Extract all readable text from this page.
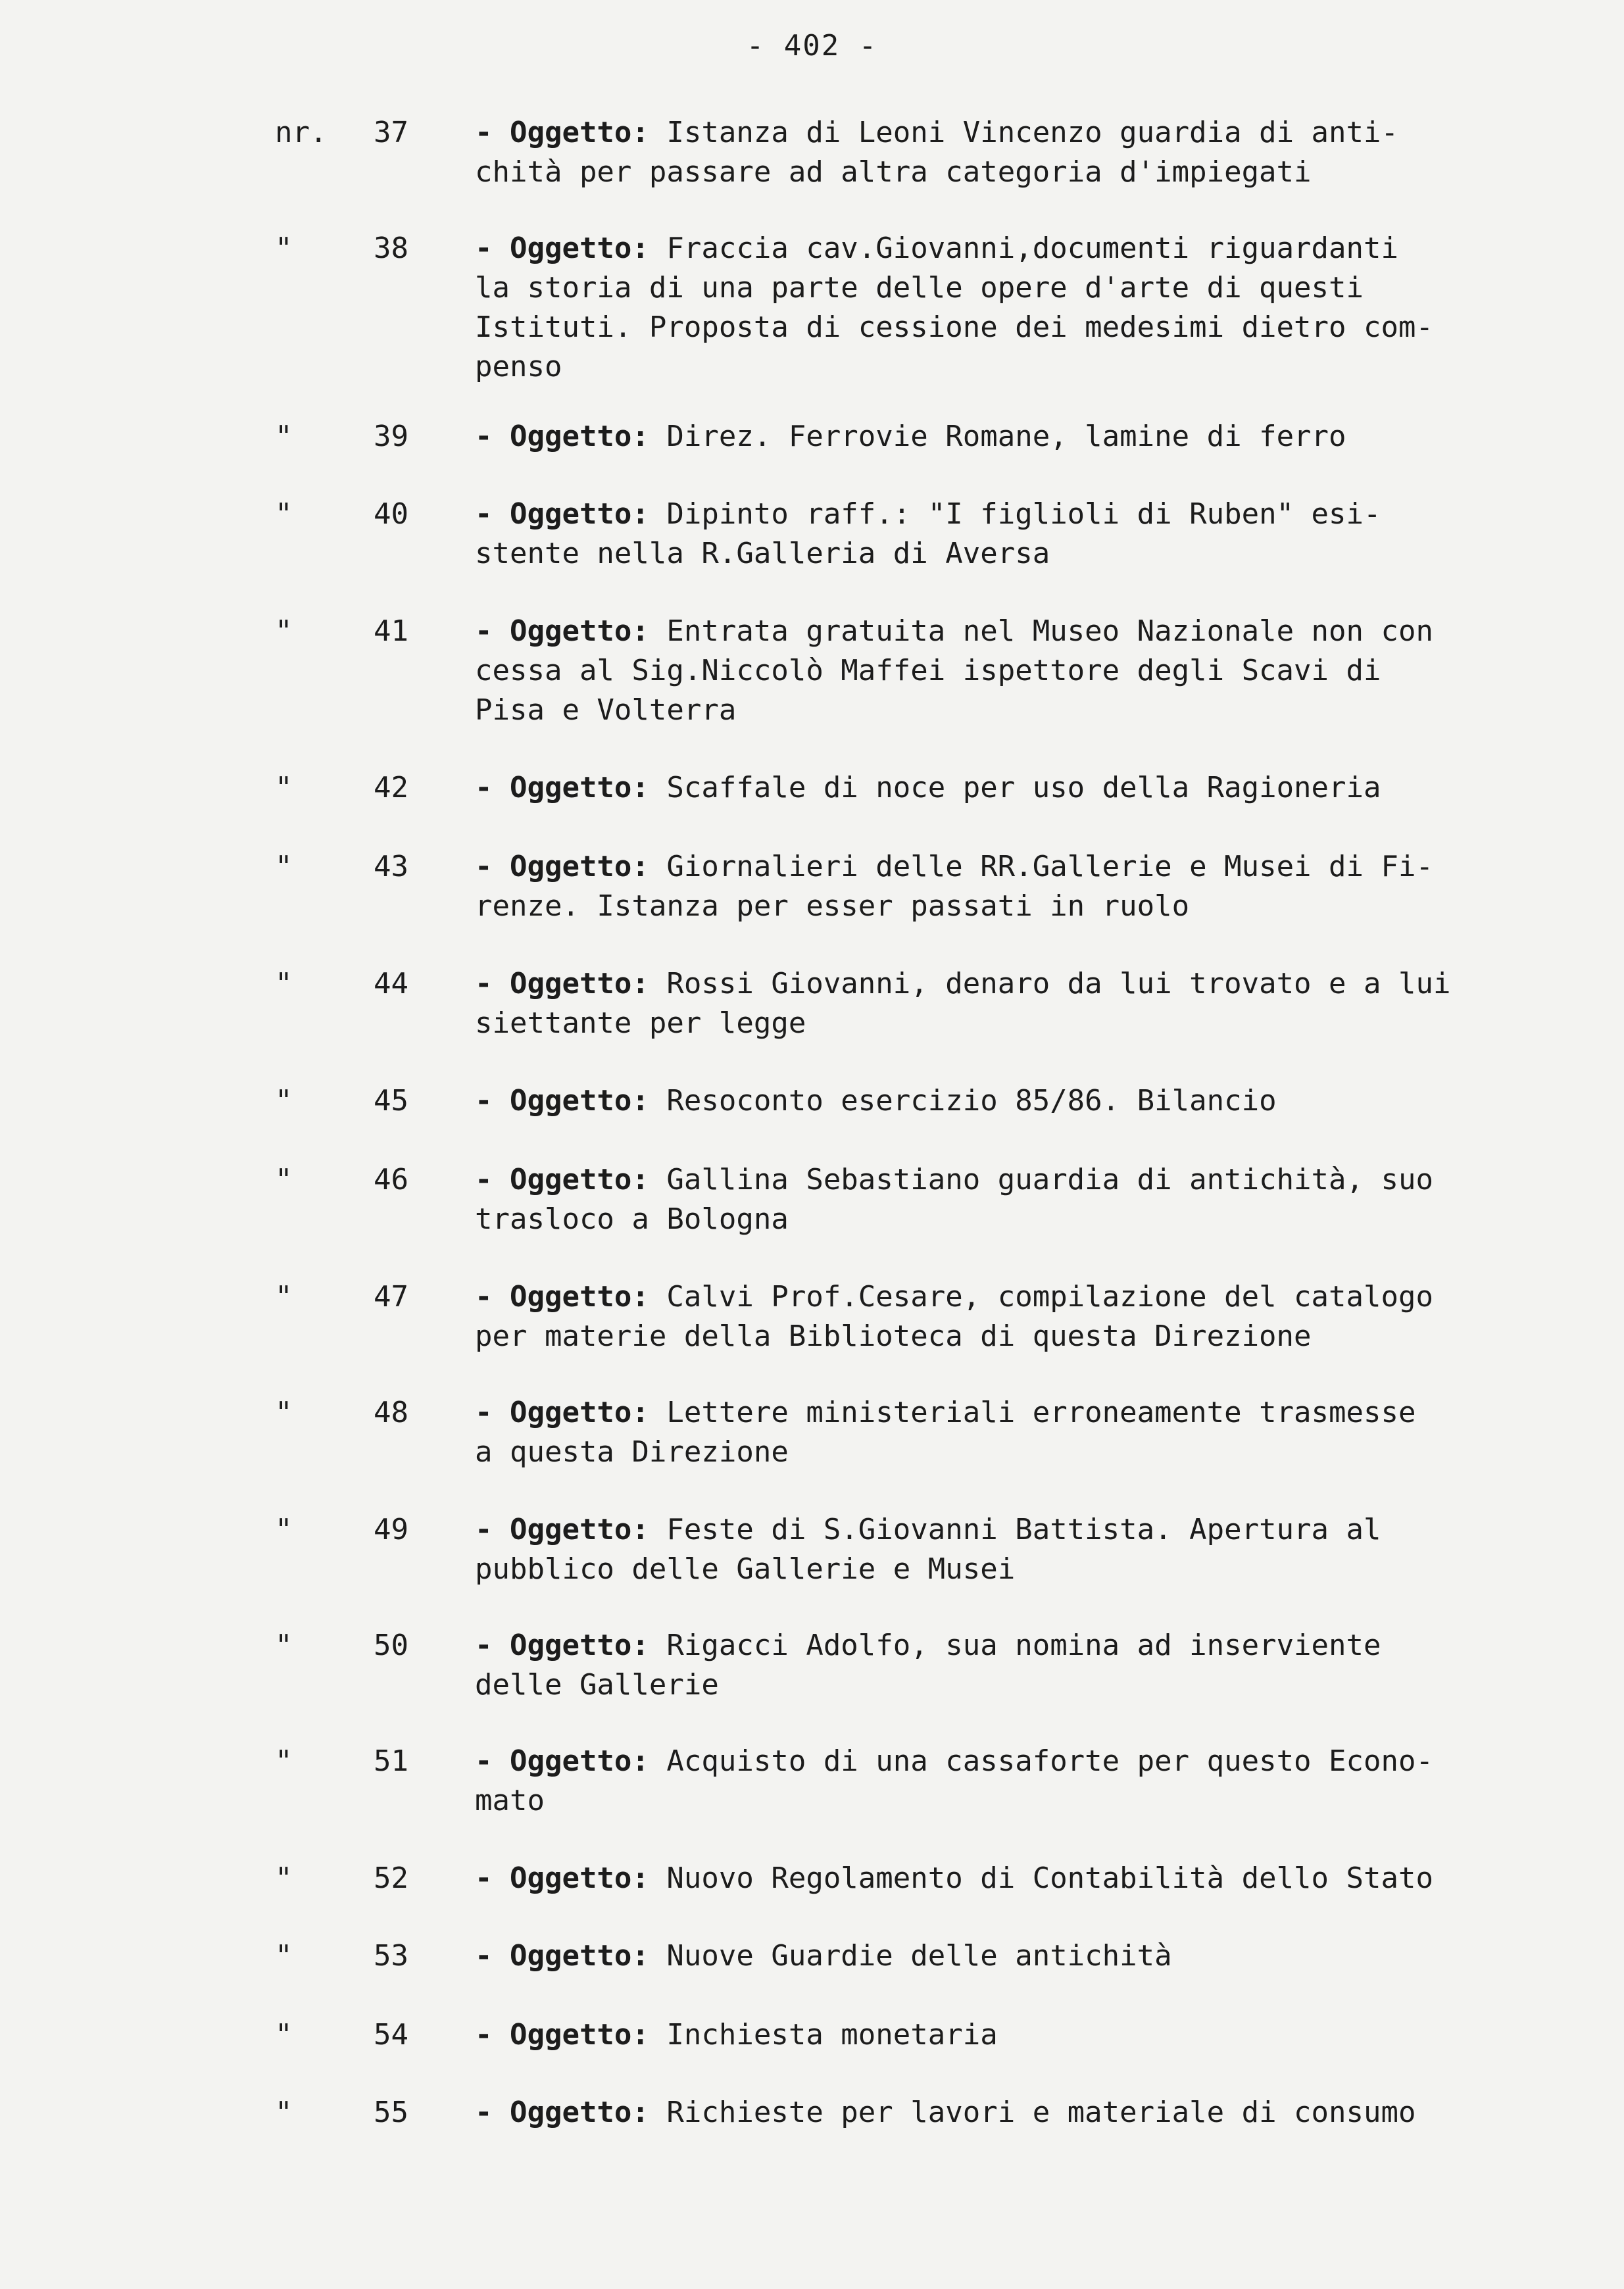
- 402 -
nr. 37 - Oggetto: Istanza di Leoni Vincenzo guardia di anti-
chità per passare ad altra categoria d'impiegati
"	38 - Oggetto: Fraccia cav.Giovanni,documenti riguardanti
la storia di una parte delle opere d'arte di questi
Istituti. Proposta di cessione dei medesimi dietro com-
penso
"	39 - Oggetto: Direz. Ferrovie Romane, lamine di ferro
"	40 - Oggetto: Dipinto raff.: "I figlioli di Ruben" esi-
stente nella R.Galleria di Aversa
"	41 - Oggetto: Entrata gratuita nel Museo Nazionale non con
cessa al Sig.Niccolò Maffei ispettore degli Scavi di
Pisa e Volterra
"	42 - Oggetto: Scaffale di noce per uso della Ragioneria
"	43 - Oggetto: Giornalieri delle RR.Gallerie e Musei di Fi-
renze. Istanza per esser passati in ruolo
"	44 - Oggetto: Rossi Giovanni, denaro da lui trovato e a lui
siettante per legge
"	45 - Oggetto: Resoconto esercizio 85/86. Bilancio
"	46 - Oggetto: Gallina Sebastiano guardia di antichità, suo
trasloco a Bologna
"	47 - Oggetto: Calvi Prof.Cesare, compilazione del catalogo
per materie della Biblioteca di questa Direzione
"	48 - Oggetto: Lettere ministeriali erroneamente trasmesse
a questa Direzione
"	49 - Oggetto: Feste di S.Giovanni Battista. Apertura al
pubblico delle Gallerie e Musei
"	50 - Oggetto: Rigacci Adolfo, sua nomina ad inserviente
delle Gallerie
"	51 - Oggetto: Acquisto di una cassaforte per questo Econo-
mato
"	52 - Oggetto: Nuovo Regolamento di Contabilità dello Stato
"	53 - Oggetto: Nuove Guardie delle antichità
"	54 - Oggetto: Inchiesta monetaria
"	55 - Oggetto: Richieste per lavori e materiale di consumo
